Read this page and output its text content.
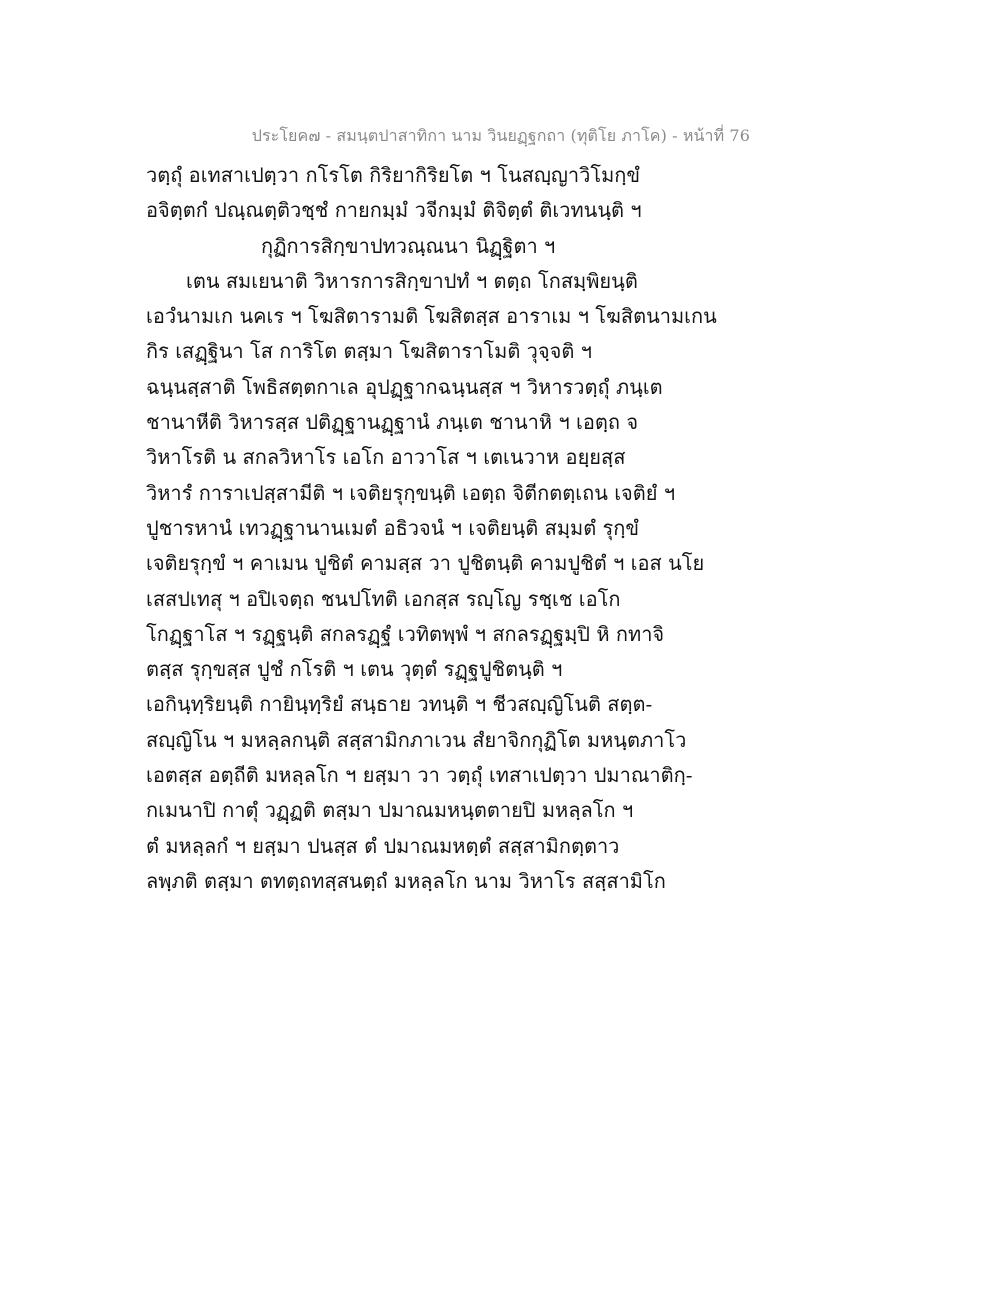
ประโยค๗ - สมนฺตปาสาทิกา นาม วินยฏฺฐกถา (ทุติโย ภาโค) - หน้าที่ 76
วตฺถุํ อเทสาเปตฺวา กโรโต กิริยากิริยโต ฯ โนสญฺญาวิโมกฺขํ
อจิตฺตกํ ปณฺณตฺติวชฺชํ กายกมฺมํ วจีกมฺมํ ติจิตฺตํ ติเวทนนฺติ ฯ
กุฏิการสิกฺขาปทวณฺณนา นิฏฺฐิตา ฯ
เตน สมเยนาติ วิหารการสิกฺขาปทํ ฯ ตตฺถ โกสมฺพิยนฺติ
เอวํนามเก นคเร ฯ โฆสิตารามติ โฆสิตสฺส อาราเม ฯ โฆสิตนามเกน
กิร เสฏฺฐินา โส การิโต ตสฺมา โฆสิตาราโมติ วุจฺจติ ฯ
ฉนฺนสฺสาติ โพธิสตฺตกาเล อุปฏฺฐากฉนฺนสฺส ฯ วิหารวตฺถุํ ภนฺเต
ชานาหีติ วิหารสฺส ปติฏฺฐานฏฺฐานํ ภนฺเต ชานาหิ ฯ เอตฺถ จ
วิหาโรติ น สกลวิหาโร เอโก อาวาโส ฯ เตเนวาห อยฺยสฺส
วิหารํ การาเปสฺสามีติ ฯ เจติยรุกฺขนฺติ เอตฺถ จิตีกตตฺเถน เจติยํ ฯ
ปูชารหานํ เทวฏฺฐานานเมตํ อธิวจนํ ฯ เจติยนฺติ สมฺมตํ รุกฺขํ
เจติยรุกฺขํ ฯ คาเมน ปูชิตํ คามสฺส วา ปูชิตนฺติ คามปูชิตํ ฯ เอส นโย
เสสปเทสุ ฯ อปิเจตฺถ ชนปโทติ เอกสฺส รญฺโญ รชฺเช เอโก
โกฏฺฐาโส ฯ รฏฺฐนฺติ สกลรฏฺฐํ เวทิตพฺพํ ฯ สกลรฏฺฐมฺปิ หิ กทาจิ
ตสฺส รุกฺขสฺส ปูชํ กโรติ ฯ เตน วุตฺตํ รฏฺฐปูชิตนฺติ ฯ
เอกินฺทฺริยนฺติ กายินฺทฺริยํ สนฺธาย วทนฺติ ฯ ชีวสญฺญิโนติ สตฺต-
สญฺญิโน ฯ มหลฺลกนฺติ สสฺสามิกภาเวน สํยาจิกกุฏิโต มหนฺตภาโว
เอตสฺส อตฺถีติ มหลฺลโก ฯ ยสฺมา วา วตฺถุํ เทสาเปตฺวา ปมาณาติกฺ-
กเมนาปิ กาตุํ วฏฺฏติ ตสฺมา ปมาณมหนฺตตายปิ มหลฺลโก ฯ
ตํ มหลฺลกํ ฯ ยสฺมา ปนสฺส ตํ ปมาณมหตฺตํ สสฺสามิกตฺตาว
ลพฺภติ ตสฺมา ตทตฺถทสฺสนตฺถํ มหลฺลโก นาม วิหาโร สสฺสามิโก
